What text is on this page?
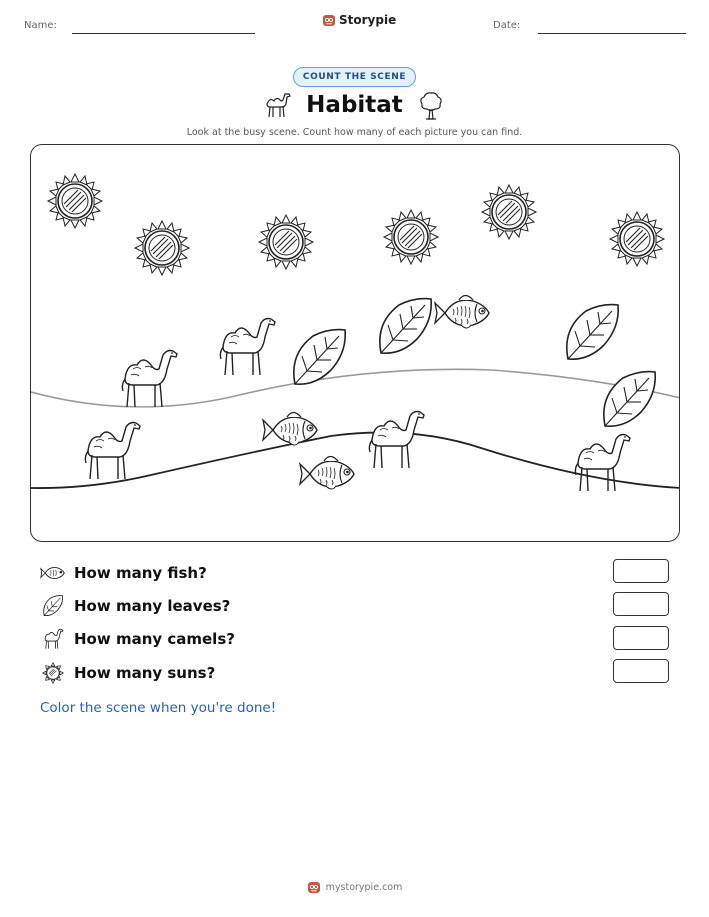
Name:	Storypie	Date:
COUNT THE SCENE
Habitat
Look at the busy scene. Count how many of each picture you can find.
How many fish?
How many leaves?
How many camels?
How many suns?
Color the scene when you're done!
mystorypie.com
